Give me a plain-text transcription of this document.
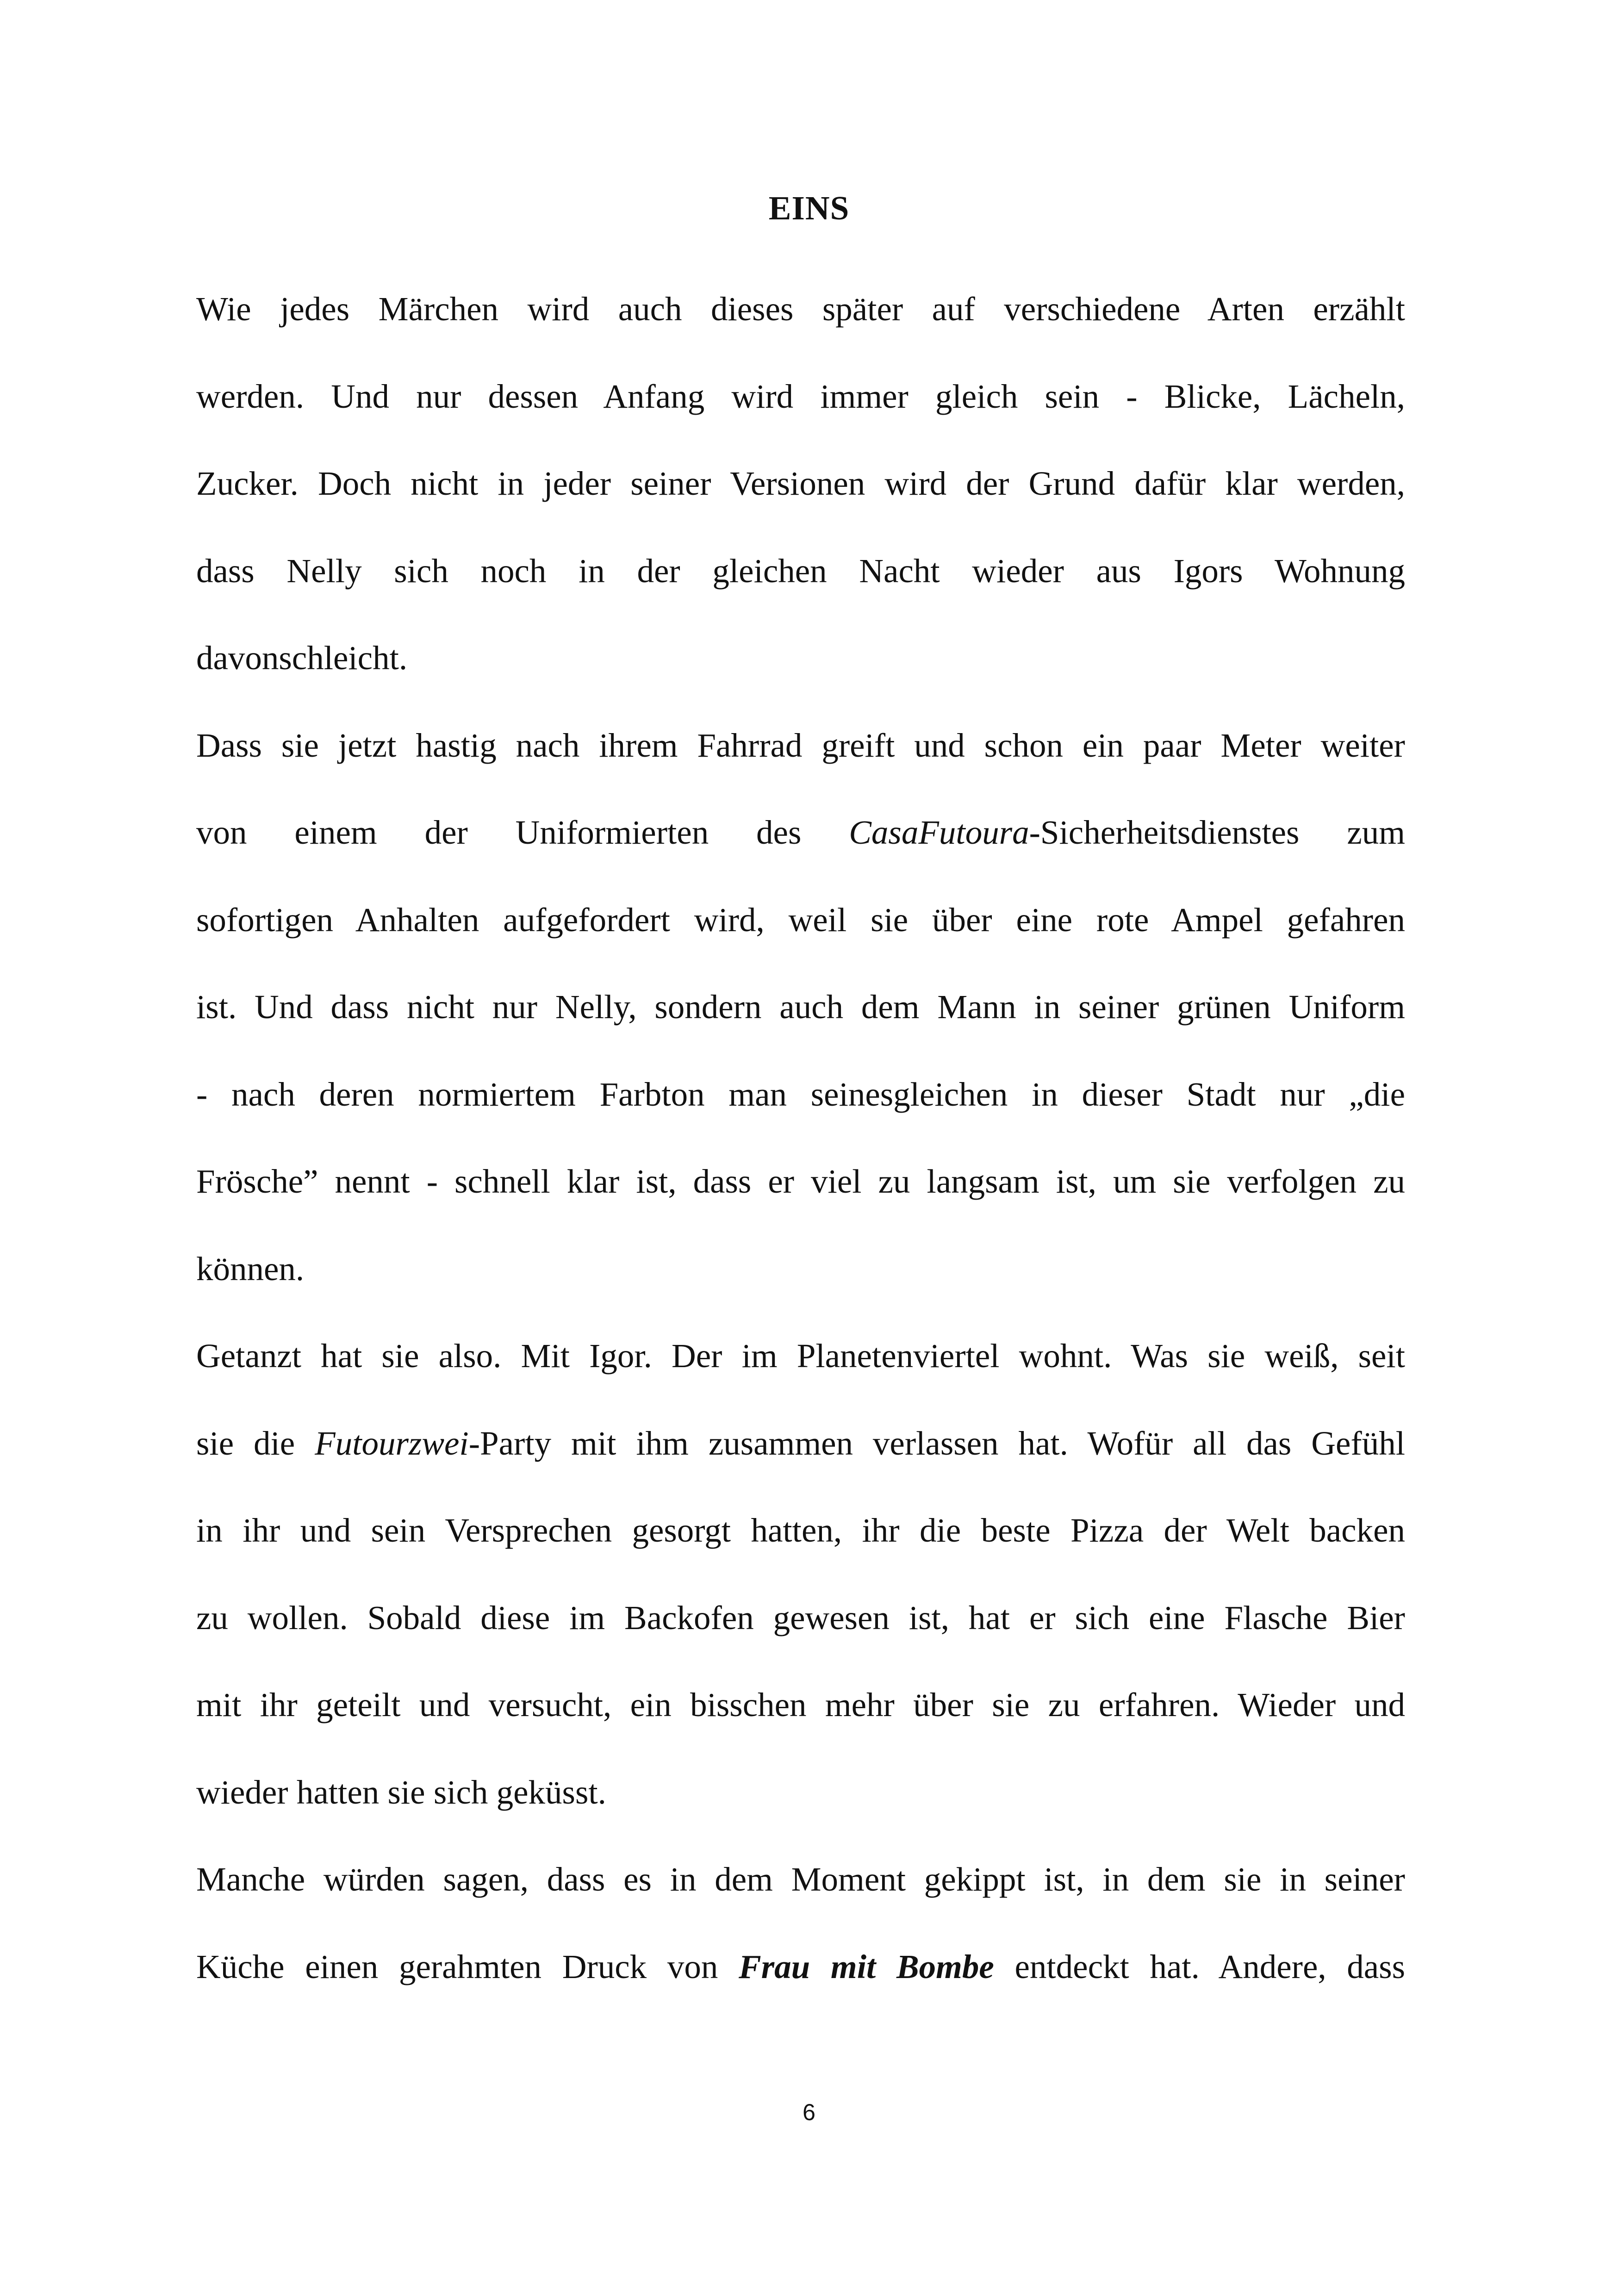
EINS
Wie jedes Märchen wird auch dieses später auf verschiedene Arten erzählt
werden. Und nur dessen Anfang wird immer gleich sein - Blicke, Lächeln,
Zucker. Doch nicht in jeder seiner Versionen wird der Grund dafür klar werden,
dass Nelly sich noch in der gleichen Nacht wieder aus Igors Wohnung
davonschleicht.
Dass sie jetzt hastig nach ihrem Fahrrad greift und schon ein paar Meter weiter
von einem der Uniformierten des CasaFutoura-Sicherheitsdienstes zum
sofortigen Anhalten aufgefordert wird, weil sie über eine rote Ampel gefahren
ist. Und dass nicht nur Nelly, sondern auch dem Mann in seiner grünen Uniform
- nach deren normiertem Farbton man seinesgleichen in dieser Stadt nur „die
Frösche” nennt - schnell klar ist, dass er viel zu langsam ist, um sie verfolgen zu
können.
Getanzt hat sie also. Mit Igor. Der im Planetenviertel wohnt. Was sie weiß, seit
sie die Futourzwei-Party mit ihm zusammen verlassen hat. Wofür all das Gefühl
in ihr und sein Versprechen gesorgt hatten, ihr die beste Pizza der Welt backen
zu wollen. Sobald diese im Backofen gewesen ist, hat er sich eine Flasche Bier
mit ihr geteilt und versucht, ein bisschen mehr über sie zu erfahren. Wieder und
wieder hatten sie sich geküsst.
Manche würden sagen, dass es in dem Moment gekippt ist, in dem sie in seiner
Küche einen gerahmten Druck von Frau mit Bombe entdeckt hat. Andere, dass
6
